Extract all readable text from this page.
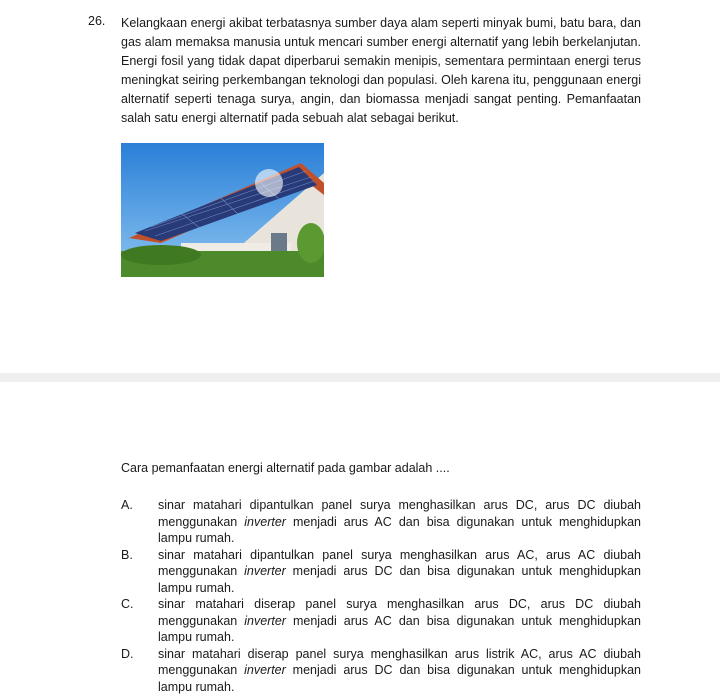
26. Kelangkaan energi akibat terbatasnya sumber daya alam seperti minyak bumi, batu bara, dan gas alam memaksa manusia untuk mencari sumber energi alternatif yang lebih berkelanjutan. Energi fosil yang tidak dapat diperbarui semakin menipis, sementara permintaan energi terus meningkat seiring perkembangan teknologi dan populasi. Oleh karena itu, penggunaan energi alternatif seperti tenaga surya, angin, dan biomassa menjadi sangat penting. Pemanfaatan salah satu energi alternatif pada sebuah alat sebagai berikut.

Cara pemanfaatan energi alternatif pada gambar adalah ....
A.	sinar matahari dipantulkan panel surya menghasilkan arus DC, arus DC diubah menggunakan inverter menjadi arus AC dan bisa digunakan untuk menghidupkan lampu rumah.
B.	sinar matahari dipantulkan panel surya menghasilkan arus AC, arus AC diubah menggunakan inverter menjadi arus DC dan bisa digunakan untuk menghidupkan lampu rumah.
C.	sinar matahari diserap panel surya menghasilkan arus DC, arus DC diubah menggunakan inverter menjadi arus AC dan bisa digunakan untuk menghidupkan lampu rumah.
D.	sinar matahari diserap panel surya menghasilkan arus listrik AC, arus AC diubah menggunakan inverter menjadi arus DC dan bisa digunakan untuk menghidupkan lampu rumah.
